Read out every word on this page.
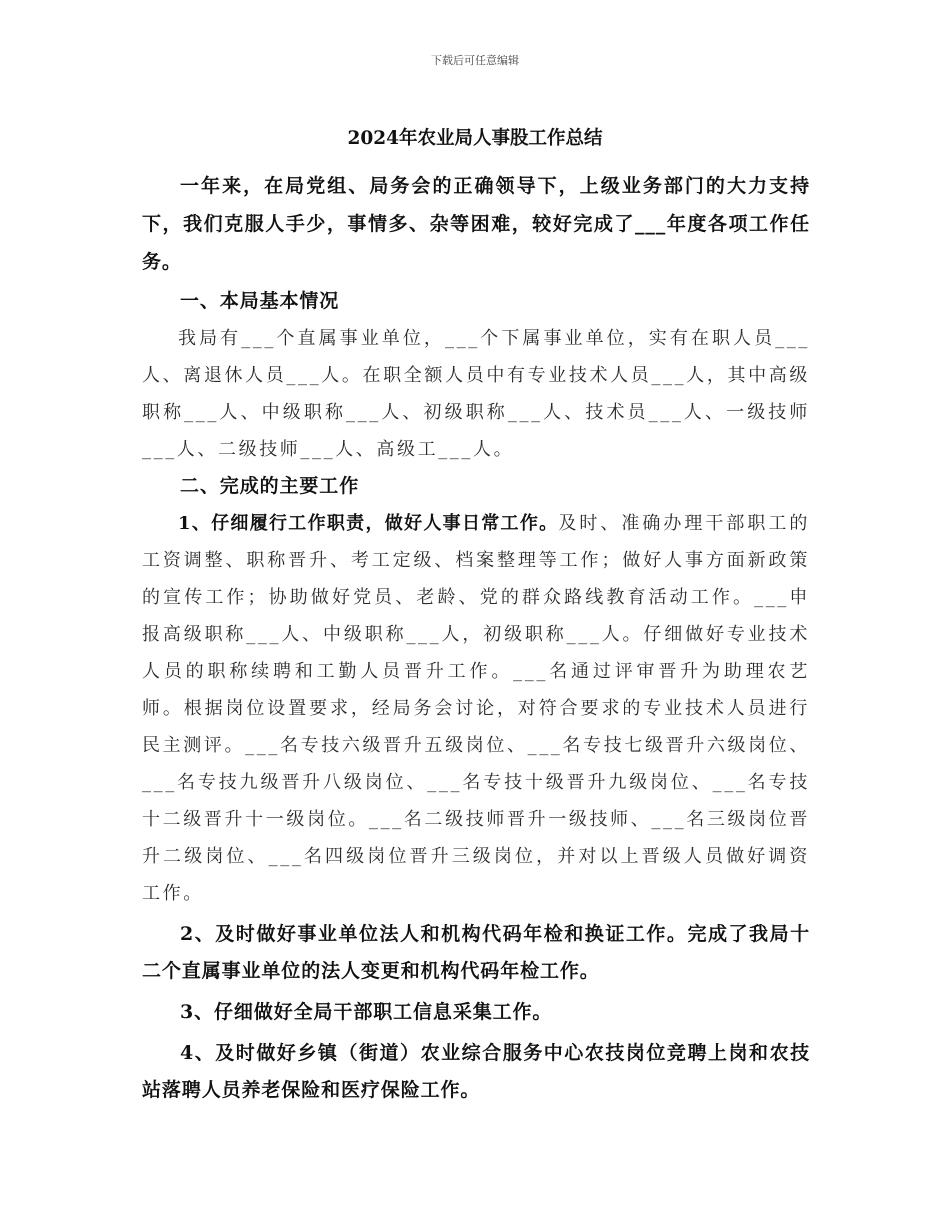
下载后可任意编辑
2024年农业局人事股工作总结

一年来，在局党组、局务会的正确领导下，上级业务部门的大力支持下，我们克服人手少，事情多、杂等困难，较好完成了___年度各项工作任务。

一、本局基本情况

我局有___个直属事业单位，___个下属事业单位，实有在职人员___人、离退休人员___人。在职全额人员中有专业技术人员___人，其中高级职称___人、中级职称___人、初级职称___人、技术员___人、一级技师___人、二级技师___人、高级工___人。

二、完成的主要工作

1、仔细履行工作职责，做好人事日常工作。及时、准确办理干部职工的工资调整、职称晋升、考工定级、档案整理等工作；做好人事方面新政策的宣传工作；协助做好党员、老龄、党的群众路线教育活动工作。___申报高级职称___人、中级职称___人，初级职称___人。仔细做好专业技术人员的职称续聘和工勤人员晋升工作。___名通过评审晋升为助理农艺师。根据岗位设置要求，经局务会讨论，对符合要求的专业技术人员进行民主测评。___名专技六级晋升五级岗位、___名专技七级晋升六级岗位、___名专技九级晋升八级岗位、___名专技十级晋升九级岗位、___名专技十二级晋升十一级岗位。___名二级技师晋升一级技师、___名三级岗位晋升二级岗位、___名四级岗位晋升三级岗位，并对以上晋级人员做好调资工作。

2、及时做好事业单位法人和机构代码年检和换证工作。完成了我局十二个直属事业单位的法人变更和机构代码年检工作。

3、仔细做好全局干部职工信息采集工作。

4、及时做好乡镇（街道）农业综合服务中心农技岗位竞聘上岗和农技站落聘人员养老保险和医疗保险工作。
